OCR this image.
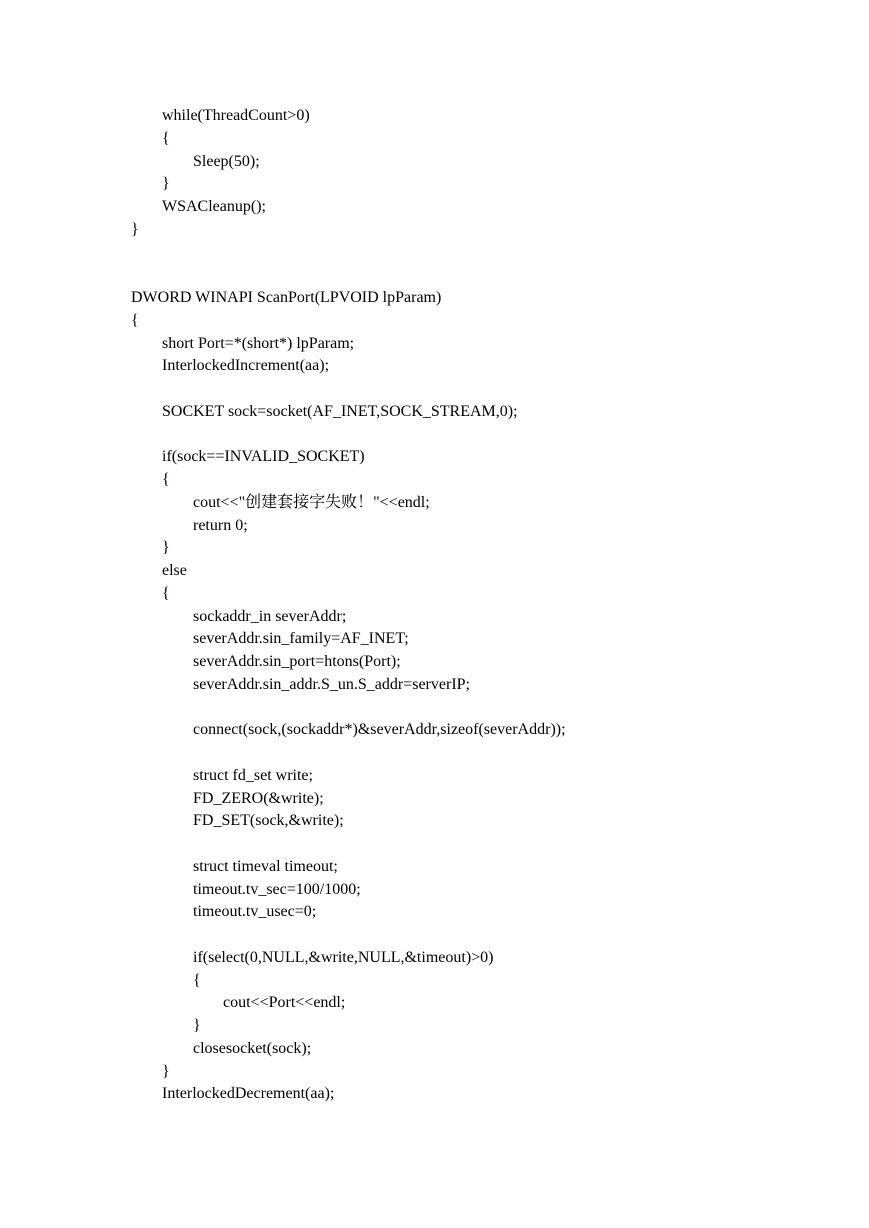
while(ThreadCount>0)
{
Sleep(50);
}
WSACleanup();
}
DWORD WINAPI ScanPort(LPVOID lpParam)
{
short Port=*(short*) lpParam;
InterlockedIncrement(aa);
SOCKET sock=socket(AF_INET,SOCK_STREAM,0);
if(sock==INVALID_SOCKET)
{
cout<<"创建套接字失败！"<<endl;
return 0;
}
else
{
sockaddr_in severAddr;
severAddr.sin_family=AF_INET;
severAddr.sin_port=htons(Port);
severAddr.sin_addr.S_un.S_addr=serverIP;
connect(sock,(sockaddr*)&severAddr,sizeof(severAddr));
struct fd_set write;
FD_ZERO(&write);
FD_SET(sock,&write);
struct timeval timeout;
timeout.tv_sec=100/1000;
timeout.tv_usec=0;
if(select(0,NULL,&write,NULL,&timeout)>0)
{
cout<<Port<<endl;
}
closesocket(sock);
}
InterlockedDecrement(aa);
